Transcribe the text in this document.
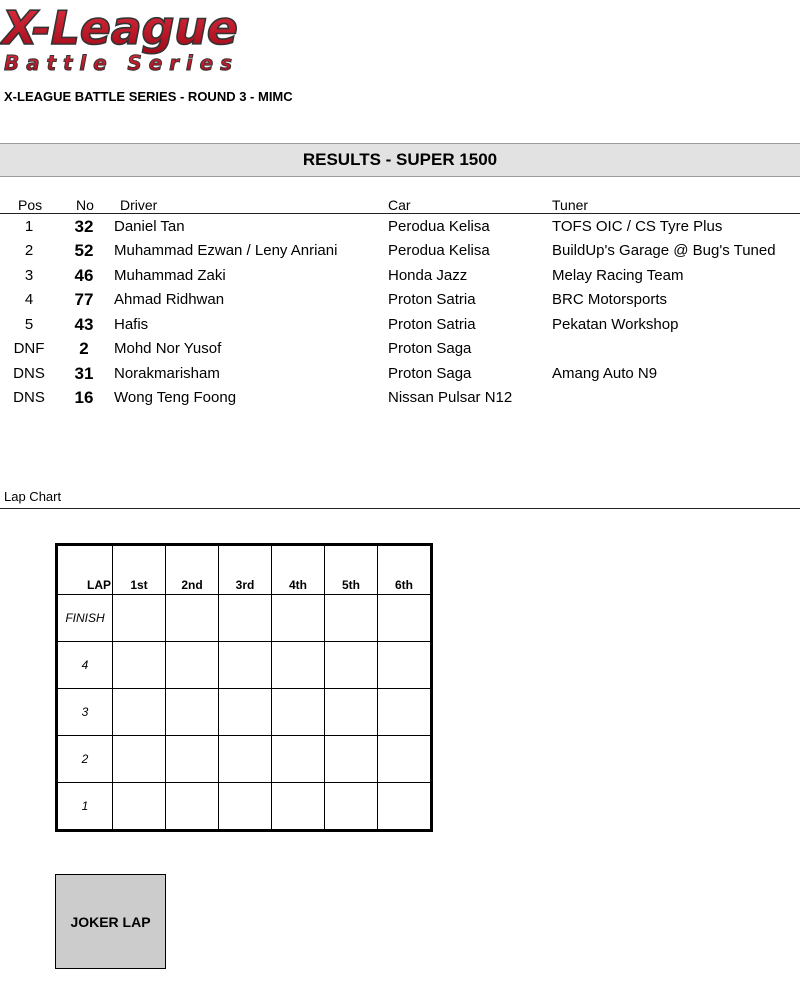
X-League
Battle Series
X-LEAGUE BATTLE SERIES - ROUND 3 - MIMC
RESULTS - SUPER 1500
Pos No Driver	Car	Tuner
1	32	Daniel Tan	Perodua Kelisa	TOFS OIC / CS Tyre Plus
2	52	Muhammad Ezwan / Leny Anriani	Perodua Kelisa	BuildUp's Garage @ Bug's Tuned
3	46	Muhammad Zaki	Honda Jazz	Melay Racing Team
4	77	Ahmad Ridhwan	Proton Satria	BRC Motorsports
5	43	Hafis	Proton Satria	Pekatan Workshop
DNF	2	Mohd Nor Yusof	Proton Saga
DNS	31	Norakmarisham	Proton Saga	Amang Auto N9
DNS	16	Wong Teng Foong	Nissan Pulsar N12
Lap Chart
LAP	1st	2nd	3rd	4th	5th	6th
FINISH						
4						
3						
2						
1						
JOKER LAP
